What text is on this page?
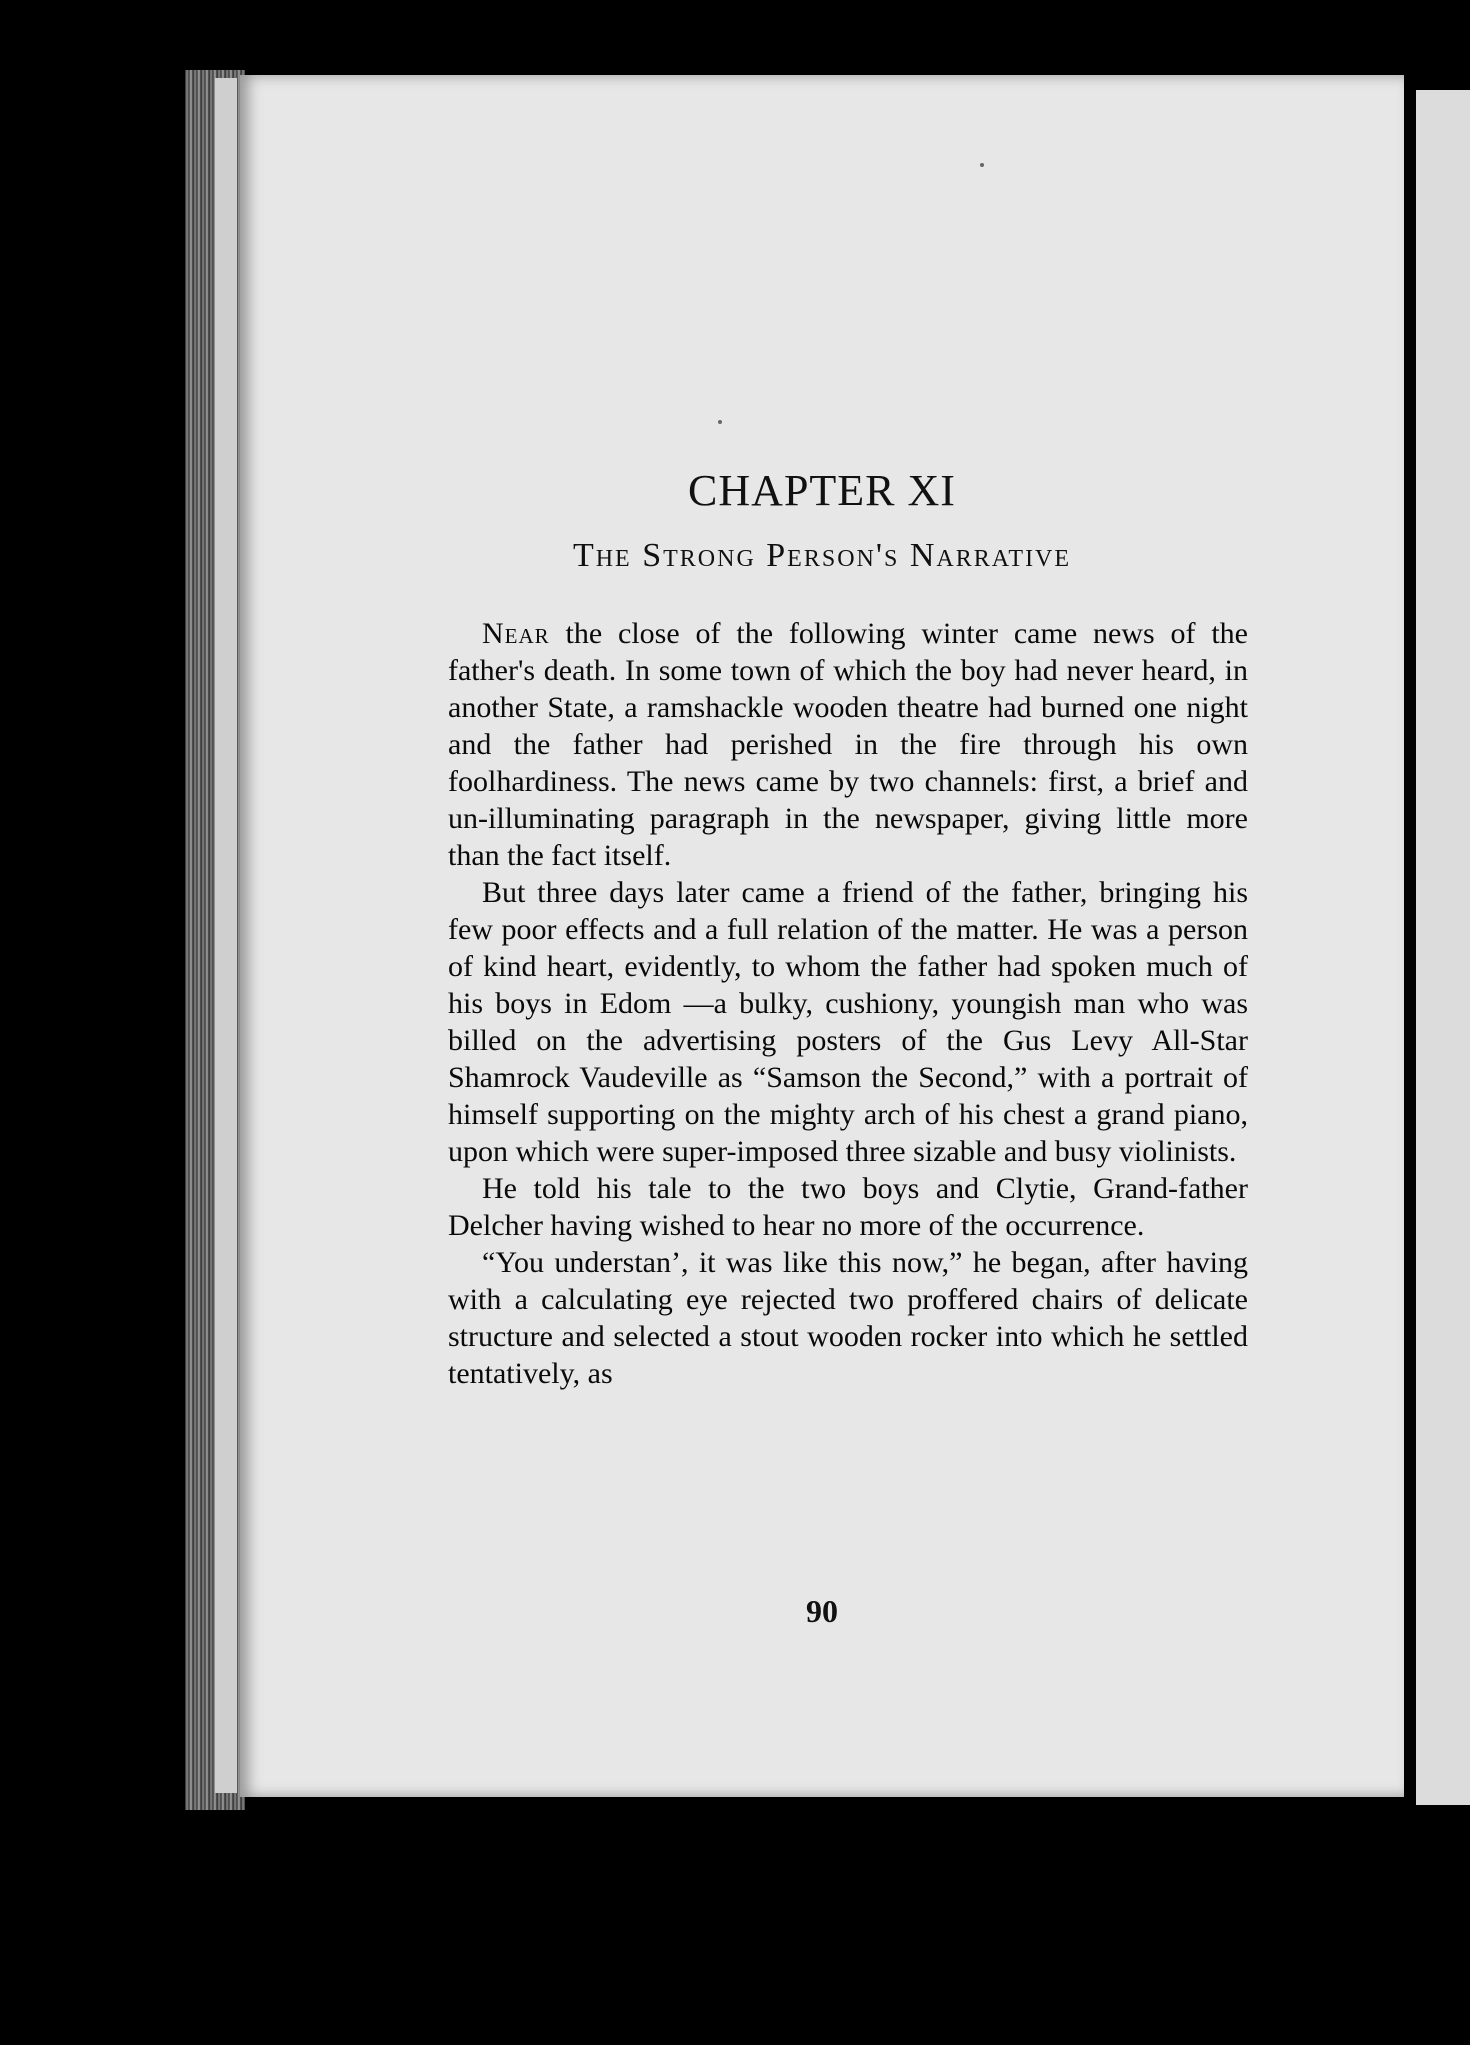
CHAPTER XI
The Strong Person's Narrative

Near the close of the following winter came news of the father's death. In some town of which the boy had never heard, in another State, a ramshackle wooden theatre had burned one night and the father had perished in the fire through his own foolhardiness. The news came by two channels: first, a brief and un-illuminating paragraph in the newspaper, giving little more than the fact itself.

But three days later came a friend of the father, bringing his few poor effects and a full relation of the matter. He was a person of kind heart, evidently, to whom the father had spoken much of his boys in Edom —a bulky, cushiony, youngish man who was billed on the advertising posters of the Gus Levy All-Star Shamrock Vaudeville as “Samson the Second,” with a portrait of himself supporting on the mighty arch of his chest a grand piano, upon which were super-imposed three sizable and busy violinists.

He told his tale to the two boys and Clytie, Grand-father Delcher having wished to hear no more of the occurrence.

“You understan’, it was like this now,” he began, after having with a calculating eye rejected two proffered chairs of delicate structure and selected a stout wooden rocker into which he settled tentatively, as

90
